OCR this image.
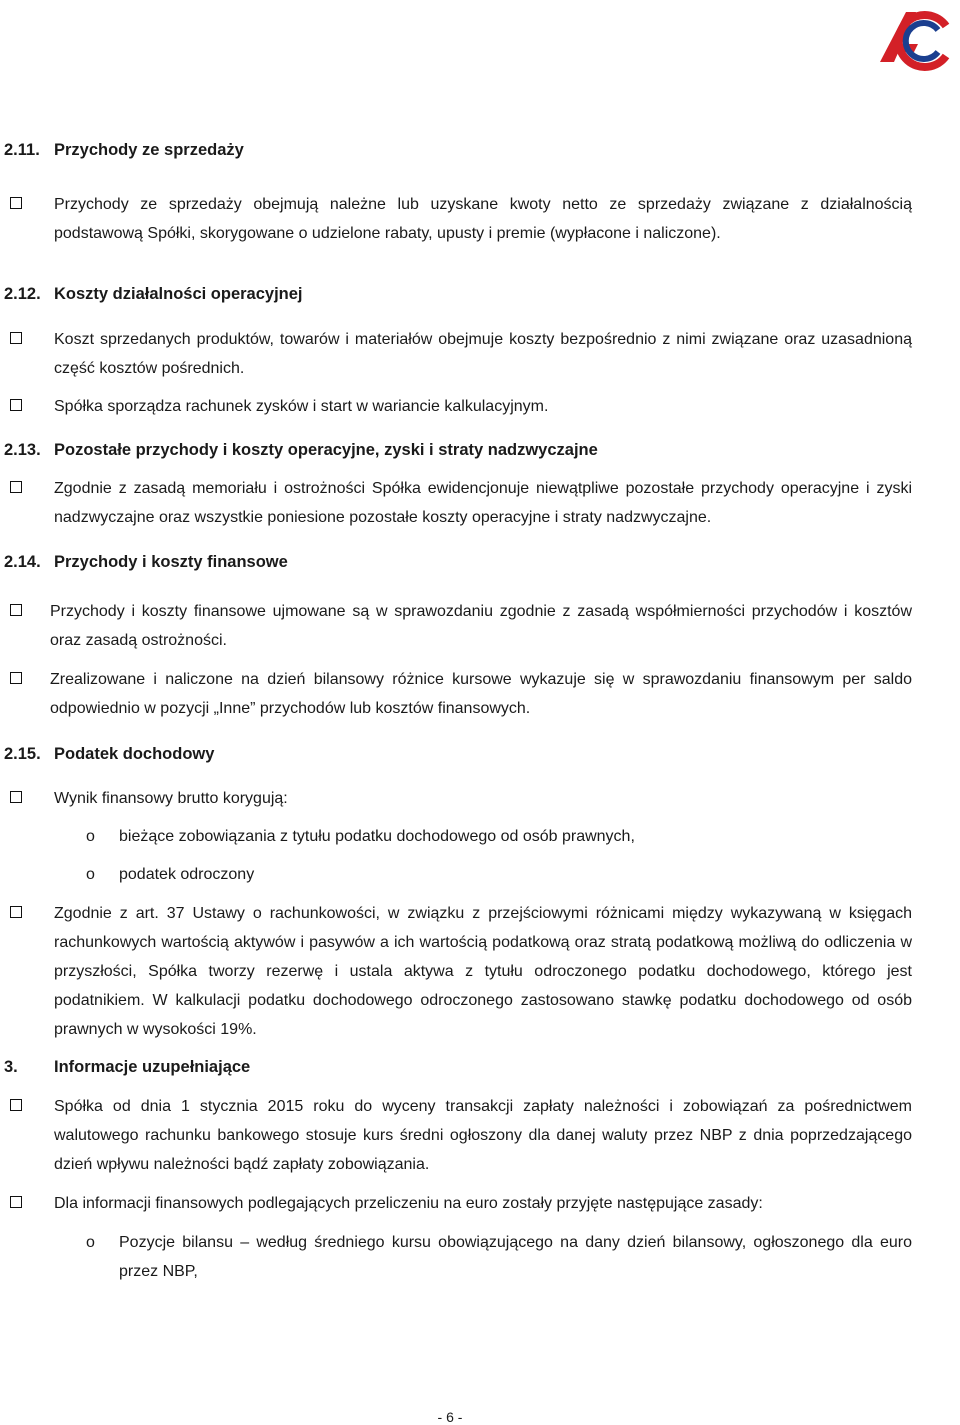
2.11. Przychody ze sprzedaży
Przychody ze sprzedaży obejmują należne lub uzyskane kwoty netto ze sprzedaży związane z działalnością podstawową Spółki, skorygowane o udzielone rabaty, upusty i premie (wypłacone i naliczone).
2.12. Koszty działalności operacyjnej
Koszt sprzedanych produktów, towarów i materiałów obejmuje koszty bezpośrednio z nimi związane oraz uzasadnioną część kosztów pośrednich.
Spółka sporządza rachunek zysków i start w wariancie kalkulacyjnym.
2.13. Pozostałe przychody i koszty operacyjne, zyski i straty nadzwyczajne
Zgodnie z zasadą memoriału i ostrożności Spółka ewidencjonuje niewątpliwe pozostałe przychody operacyjne i zyski nadzwyczajne oraz wszystkie poniesione pozostałe koszty operacyjne i straty nadzwyczajne.
2.14. Przychody i koszty finansowe
Przychody i koszty finansowe ujmowane są w sprawozdaniu zgodnie z zasadą współmierności przychodów i kosztów oraz zasadą ostrożności.
Zrealizowane i naliczone na dzień bilansowy różnice kursowe wykazuje się w sprawozdaniu finansowym per saldo odpowiednio w pozycji „Inne” przychodów lub kosztów finansowych.
2.15. Podatek dochodowy
Wynik finansowy brutto korygują:
o bieżące zobowiązania z tytułu podatku dochodowego od osób prawnych,
o podatek odroczony
Zgodnie z art. 37 Ustawy o rachunkowości, w związku z przejściowymi różnicami między wykazywaną w księgach rachunkowych wartością aktywów i pasywów a ich wartością podatkową oraz stratą podatkową możliwą do odliczenia w przyszłości, Spółka tworzy rezerwę i ustala aktywa z tytułu odroczonego podatku dochodowego, którego jest podatnikiem. W kalkulacji podatku dochodowego odroczonego zastosowano stawkę podatku dochodowego od osób prawnych w wysokości 19%.
3. Informacje uzupełniające
Spółka od dnia 1 stycznia 2015 roku do wyceny transakcji zapłaty należności i zobowiązań za pośrednictwem walutowego rachunku bankowego stosuje kurs średni ogłoszony dla danej waluty przez NBP z dnia poprzedzającego dzień wpływu należności bądź zapłaty zobowiązania.
Dla informacji finansowych podlegających przeliczeniu na euro zostały przyjęte następujące zasady:
o Pozycje bilansu – według średniego kursu obowiązującego na dany dzień bilansowy, ogłoszonego dla euro przez NBP,
- 6 -
